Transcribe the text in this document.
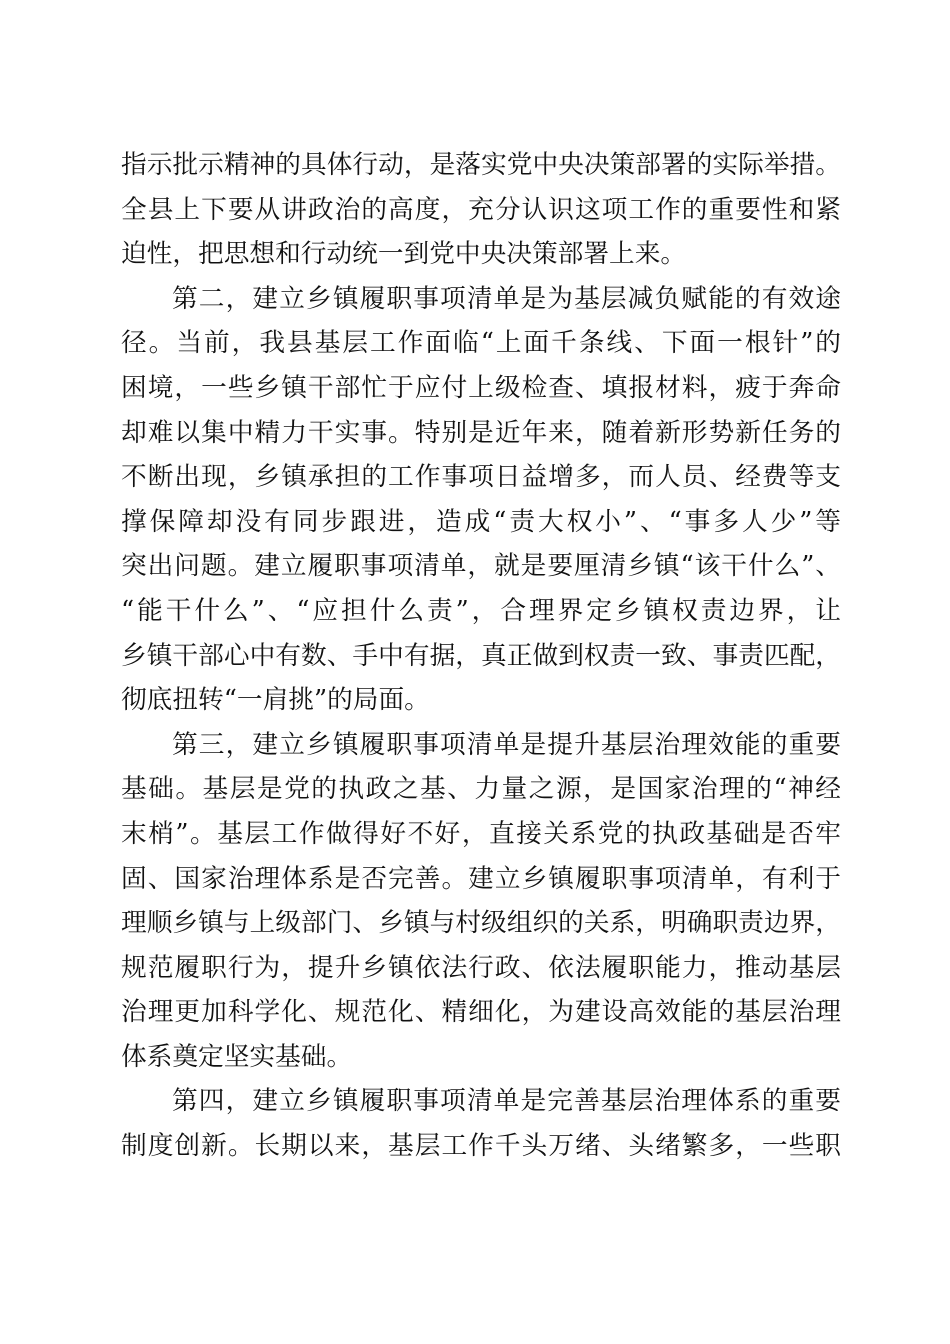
指示批示精神的具体行动，是落实党中央决策部署的实际举措。
全县上下要从讲政治的高度，充分认识这项工作的重要性和紧
迫性，把思想和行动统一到党中央决策部署上来。
第二，建立乡镇履职事项清单是为基层减负赋能的有效途
径。当前，我县基层工作面临“上面千条线、下面一根针”的
困境，一些乡镇干部忙于应付上级检查、填报材料，疲于奔命
却难以集中精力干实事。特别是近年来，随着新形势新任务的
不断出现，乡镇承担的工作事项日益增多，而人员、经费等支
撑保障却没有同步跟进，造成“责大权小”、“事多人少”等
突出问题。建立履职事项清单，就是要厘清乡镇“该干什么”、
“能干什么”、“应担什么责”，合理界定乡镇权责边界，让
乡镇干部心中有数、手中有据，真正做到权责一致、事责匹配，
彻底扭转“一肩挑”的局面。
第三，建立乡镇履职事项清单是提升基层治理效能的重要
基础。基层是党的执政之基、力量之源，是国家治理的“神经
末梢”。基层工作做得好不好，直接关系党的执政基础是否牢
固、国家治理体系是否完善。建立乡镇履职事项清单，有利于
理顺乡镇与上级部门、乡镇与村级组织的关系，明确职责边界，
规范履职行为，提升乡镇依法行政、依法履职能力，推动基层
治理更加科学化、规范化、精细化，为建设高效能的基层治理
体系奠定坚实基础。
第四，建立乡镇履职事项清单是完善基层治理体系的重要
制度创新。长期以来，基层工作千头万绪、头绪繁多，一些职
